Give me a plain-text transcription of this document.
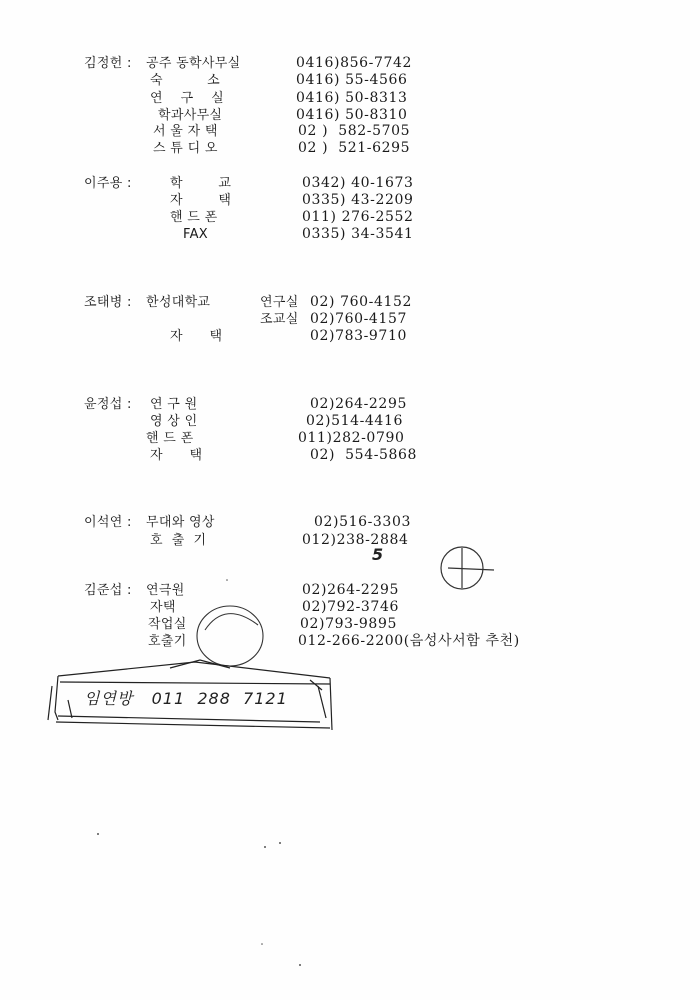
김정헌 : 공주 동학사무실	0416)856-7742
숙          소	0416) 55-4566
연    구    실	0416) 50-8313
학과사무실	0416) 50-8310
서 울 자 택	02 )  582-5705
스 튜 디 오	02 )  521-6295
이주용 :	학        교	0342) 40-1673
자        택	0335) 43-2209
핸 드 폰	011) 276-2552
FAX	0335) 34-3541
조태병 : 한성대학교	연구실 02) 760-4152
조교실 02)760-4157
자      택	02)783-9710
윤정섭 : 연 구 원	02)264-2295
영 상 인	02)514-4416
핸 드 폰	011)282-0790
자      택	02)  554-5868
이석연 : 무대와 영상	02)516-3303
호  출  기	012)238-2884
5
김준섭 : 연극원	02)264-2295
자택	02)792-3746
작업실	02)793-9895
호출기	012-266-2200(음성사서함 추천)
임연방   011  288  7121
